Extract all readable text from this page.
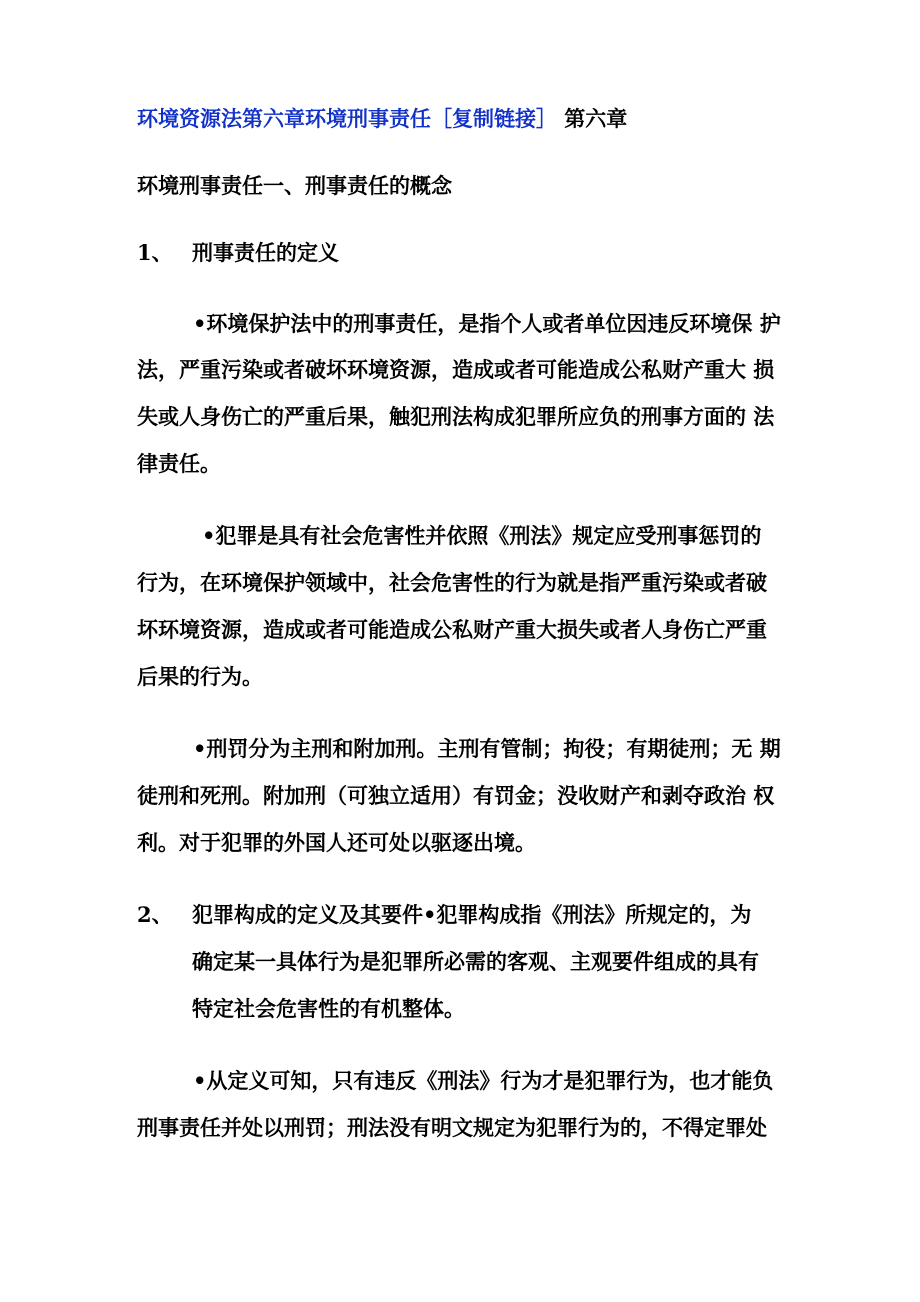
环境资源法第六章环境刑事责任［复制链接］ 第六章
环境刑事责任一、刑事责任的概念
1、 刑事责任的定义
•环境保护法中的刑事责任，是指个人或者单位因违反环境保 护
法，严重污染或者破坏环境资源，造成或者可能造成公私财产重大 损
失或人身伤亡的严重后果，触犯刑法构成犯罪所应负的刑事方面的 法
律责任。
•犯罪是具有社会危害性并依照《刑法》规定应受刑事惩罚的
行为，在环境保护领域中，社会危害性的行为就是指严重污染或者破
坏环境资源，造成或者可能造成公私财产重大损失或者人身伤亡严重
后果的行为。
•刑罚分为主刑和附加刑。主刑有管制；拘役；有期徒刑；无 期
徒刑和死刑。附加刑（可独立适用）有罚金；没收财产和剥夺政治 权
利。对于犯罪的外国人还可处以驱逐出境。
2、 犯罪构成的定义及其要件•犯罪构成指《刑法》所规定的，为
确定某一具体行为是犯罪所必需的客观、主观要件组成的具有
特定社会危害性的有机整体。
•从定义可知，只有违反《刑法》行为才是犯罪行为，也才能负
刑事责任并处以刑罚；刑法没有明文规定为犯罪行为的，不得定罪处
